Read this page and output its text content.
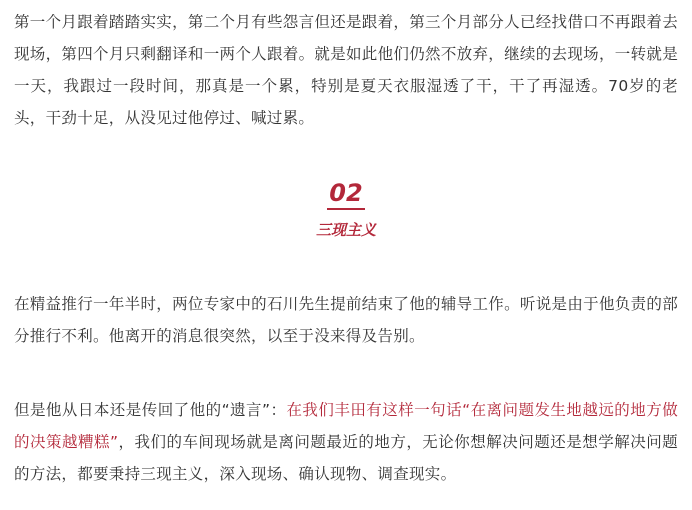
第一个月跟着踏踏实实，第二个月有些怨言但还是跟着，第三个月部分人已经找借口不再跟着去现场，第四个月只剩翻译和一两个人跟着。就是如此他们仍然不放弃，继续的去现场，一转就是一天，我跟过一段时间，那真是一个累，特别是夏天衣服湿透了干，干了再湿透。70岁的老头，干劲十足，从没见过他停过、喊过累。

02
三现主义

在精益推行一年半时，两位专家中的石川先生提前结束了他的辅导工作。听说是由于他负责的部分推行不利。他离开的消息很突然，以至于没来得及告别。

但是他从日本还是传回了他的“遗言”：在我们丰田有这样一句话“在离问题发生地越远的地方做的决策越糟糕”，我们的车间现场就是离问题最近的地方，无论你想解决问题还是想学解决问题的方法，都要秉持三现主义，深入现场、确认现物、调查现实。
